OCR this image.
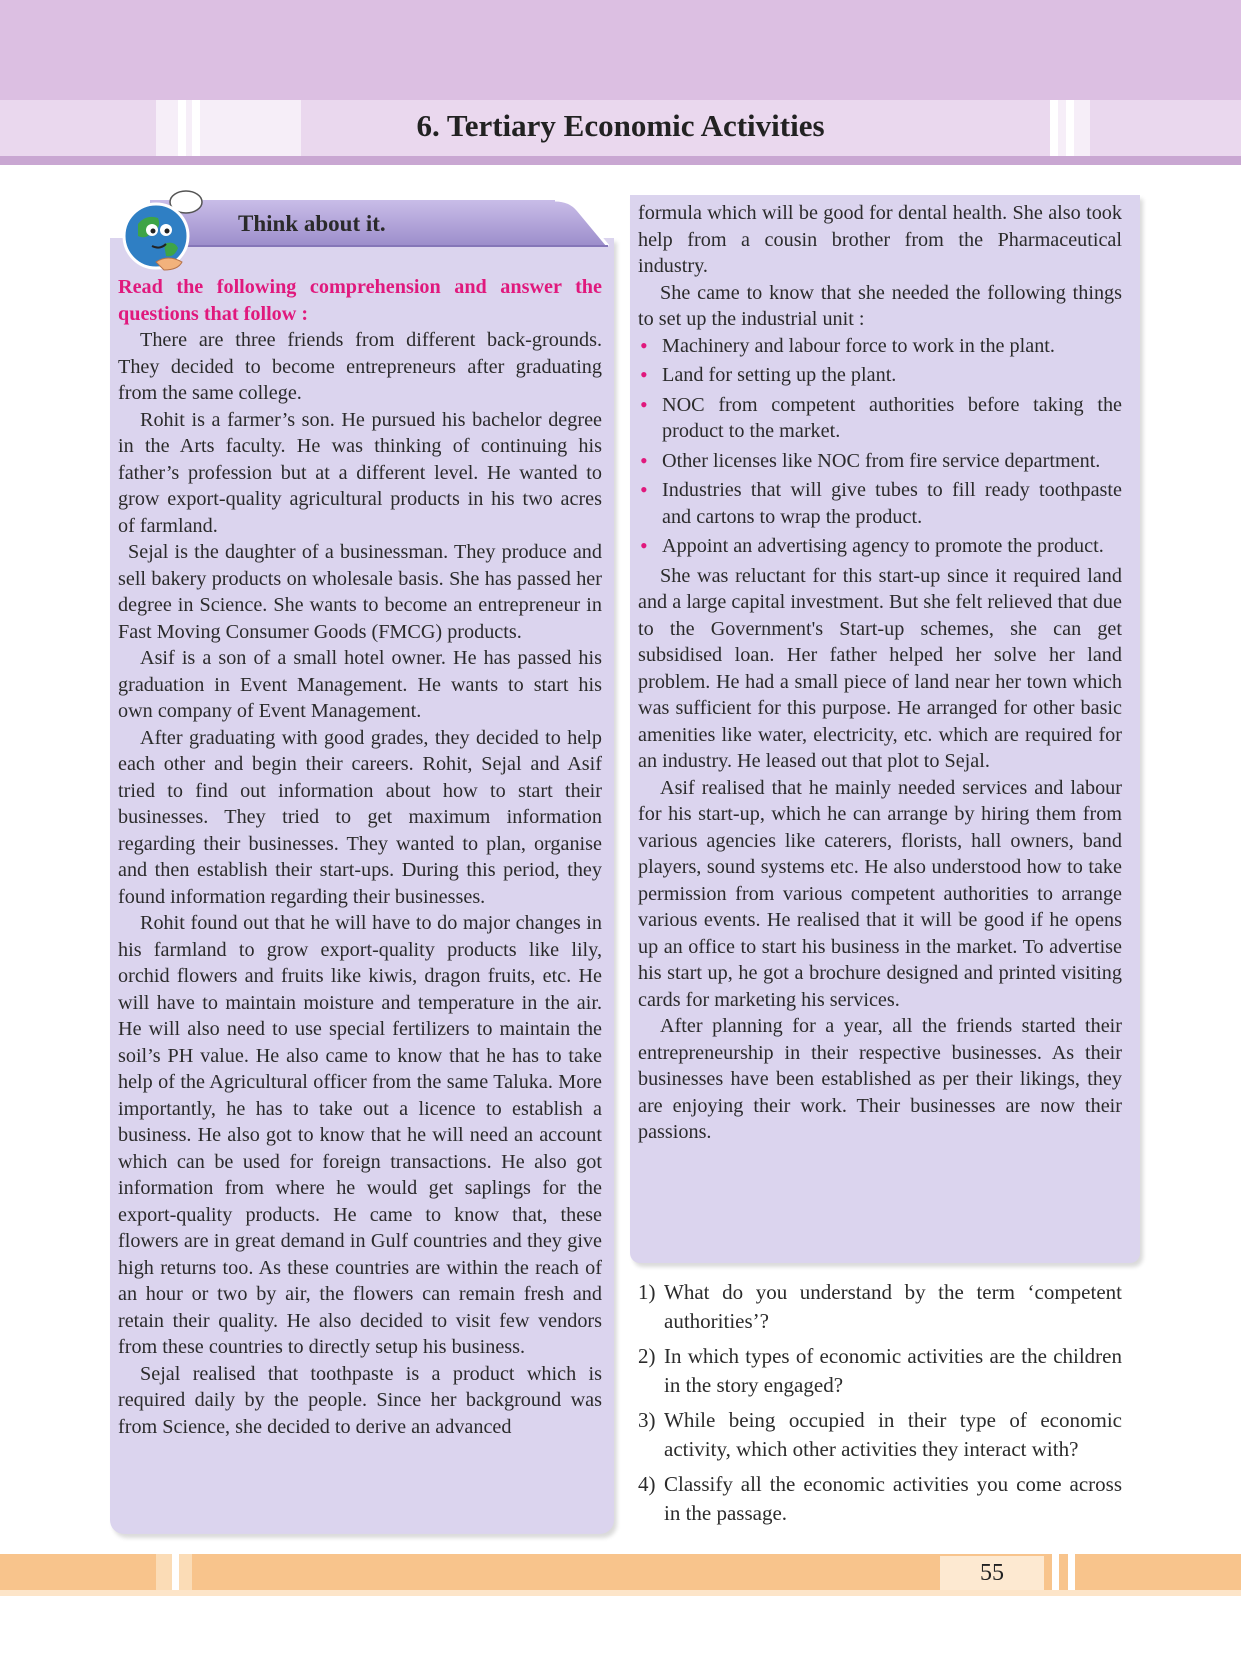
6. Tertiary Economic Activities

Think about it.

Read the following comprehension and answer the questions that follow :

There are three friends from different back-grounds. They decided to become entrepreneurs after graduating from the same college.

Rohit is a farmer’s son. He pursued his bachelor degree in the Arts faculty. He was thinking of continuing his father’s profession but at a different level. He wanted to grow export-quality agricultural products in his two acres of farmland.

Sejal is the daughter of a businessman. They produce and sell bakery products on wholesale basis. She has passed her degree in Science. She wants to become an entrepreneur in Fast Moving Consumer Goods (FMCG) products.

Asif is a son of a small hotel owner. He has passed his graduation in Event Management. He wants to start his own company of Event Management.

After graduating with good grades, they decided to help each other and begin their careers. Rohit, Sejal and Asif tried to find out information about how to start their businesses. They tried to get maximum information regarding their businesses. They wanted to plan, organise and then establish their start-ups. During this period, they found information regarding their businesses.

Rohit found out that he will have to do major changes in his farmland to grow export-quality products like lily, orchid flowers and fruits like kiwis, dragon fruits, etc. He will have to maintain moisture and temperature in the air. He will also need to use special fertilizers to maintain the soil’s PH value. He also came to know that he has to take help of the Agricultural officer from the same Taluka. More importantly, he has to take out a licence to establish a business. He also got to know that he will need an account which can be used for foreign transactions. He also got information from where he would get saplings for the export-quality products. He came to know that, these flowers are in great demand in Gulf countries and they give high returns too. As these countries are within the reach of an hour or two by air, the flowers can remain fresh and retain their quality. He also decided to visit few vendors from these countries to directly setup his business.

Sejal realised that toothpaste is a product which is required daily by the people. Since her background was from Science, she decided to derive an advanced

formula which will be good for dental health. She also took help from a cousin brother from the Pharmaceutical industry.

She came to know that she needed the following things to set up the industrial unit :

• Machinery and labour force to work in the plant.
• Land for setting up the plant.
• NOC from competent authorities before taking the product to the market.
• Other licenses like NOC from fire service department.
• Industries that will give tubes to fill ready toothpaste and cartons to wrap the product.
• Appoint an advertising agency to promote the product.

She was reluctant for this start-up since it required land and a large capital investment. But she felt relieved that due to the Government's Start-up schemes, she can get subsidised loan. Her father helped her solve her land problem. He had a small piece of land near her town which was sufficient for this purpose. He arranged for other basic amenities like water, electricity, etc. which are required for an industry. He leased out that plot to Sejal.

Asif realised that he mainly needed services and labour for his start-up, which he can arrange by hiring them from various agencies like caterers, florists, hall owners, band players, sound systems etc. He also understood how to take permission from various competent authorities to arrange various events. He realised that it will be good if he opens up an office to start his business in the market. To advertise his start up, he got a brochure designed and printed visiting cards for marketing his services.

After planning for a year, all the friends started their entrepreneurship in their respective businesses. As their businesses have been established as per their likings, they are enjoying their work. Their businesses are now their passions.

1) What do you understand by the term ‘competent authorities’?
2) In which types of economic activities are the children in the story engaged?
3) While being occupied in their type of economic activity, which other activities they interact with?
4) Classify all the economic activities you come across in the passage.
55
